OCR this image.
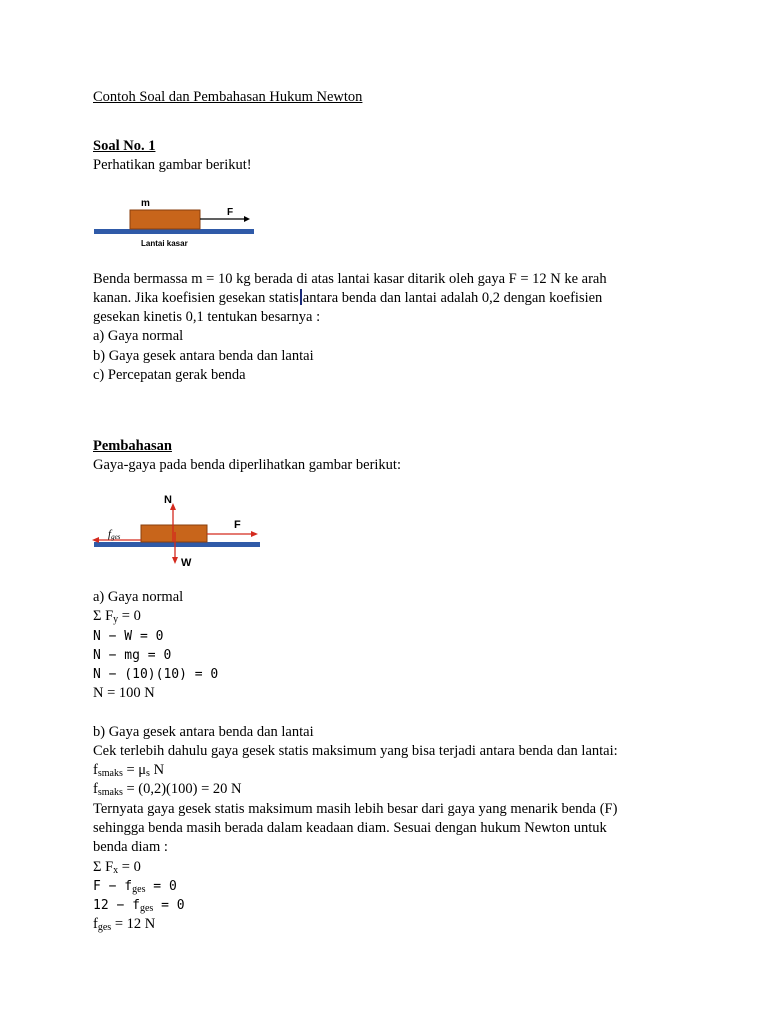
Contoh Soal dan Pembahasan Hukum Newton
Soal No. 1
Perhatikan gambar berikut!
m
F
Lantai kasar
Benda bermassa m = 10 kg berada di atas lantai kasar ditarik oleh gaya F = 12 N ke arah
kanan. Jika koefisien gesekan statis antara benda dan lantai adalah 0,2 dengan koefisien
gesekan kinetis 0,1 tentukan besarnya :
a) Gaya normal
b) Gaya gesek antara benda dan lantai
c) Percepatan gerak benda
Pembahasan
Gaya-gaya pada benda diperlihatkan gambar berikut:
N
F
W
fges
a) Gaya normal
Σ $F_y = 0$
N − W = 0
N − mg = 0
N − (10)(10) = 0
N = 100 N
b) Gaya gesek antara benda dan lantai
Cek terlebih dahulu gaya gesek statis maksimum yang bisa terjadi antara benda dan lantai:
$f_{smaks} = \mu_s$ N
$f_{smaks} = (0,2)(100) = 20$ N
Ternyata gaya gesek statis maksimum masih lebih besar dari gaya yang menarik benda (F)
sehingga benda masih berada dalam keadaan diam. Sesuai dengan hukum Newton untuk
benda diam :
Σ $F_x = 0$
$F - f_{ges} = 0$
$12 - f_{ges} = 0$
$f_{ges} = 12$ N
